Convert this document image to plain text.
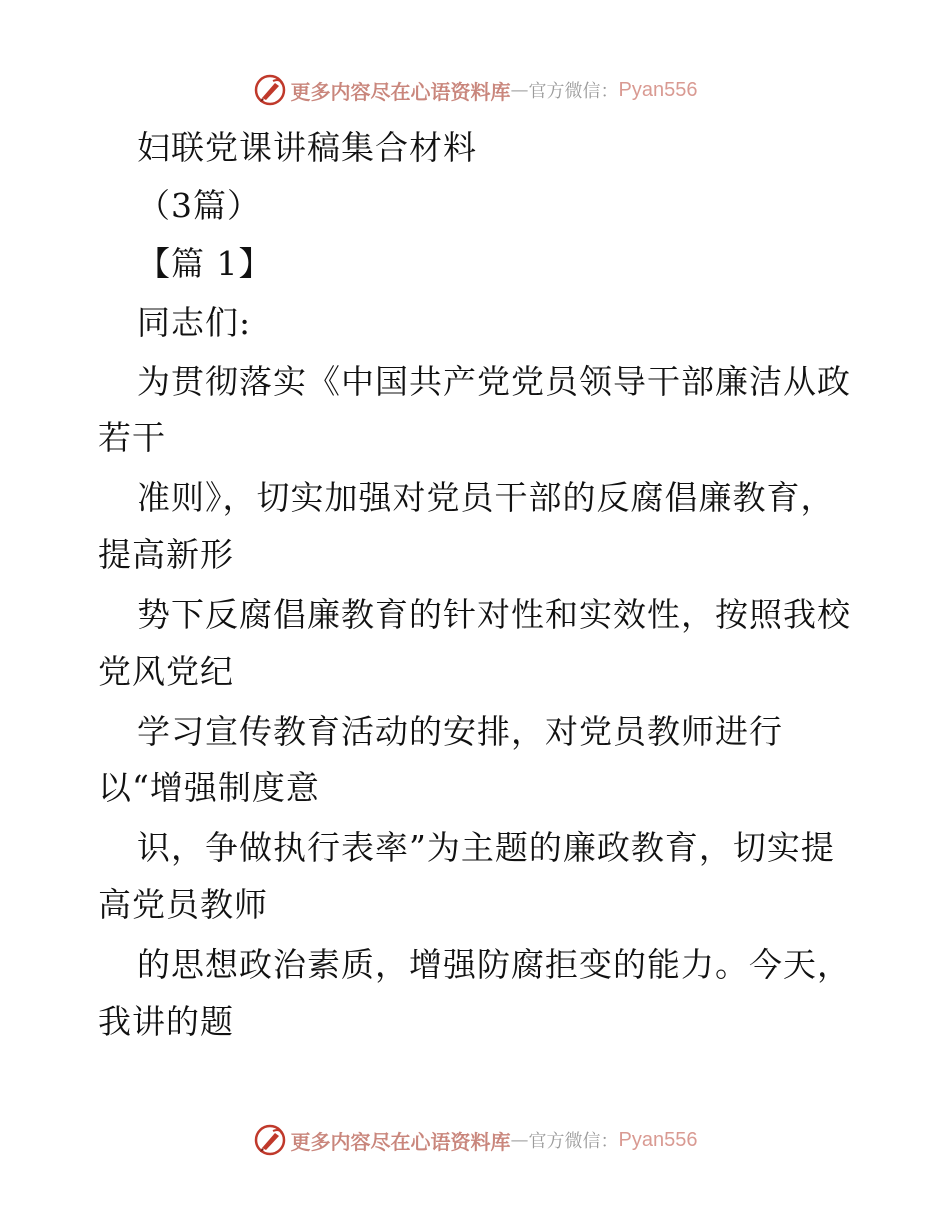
更多内容尽在心语资料库 — 官方微信： Pyan556
妇联党课讲稿集合材料
（3篇）
【篇 1】
同志们:
为贯彻落实《中国共产党党员领导干部廉洁从政
若干
准则》，切实加强对党员干部的反腐倡廉教育，
提高新形
势下反腐倡廉教育的针对性和实效性，按照我校
党风党纪
学习宣传教育活动的安排，对党员教师进行
以“增强制度意
识，争做执行表率”为主题的廉政教育，切实提
高党员教师
的思想政治素质，增强防腐拒变的能力。今天，
我讲的题
更多内容尽在心语资料库 — 官方微信： Pyan556
